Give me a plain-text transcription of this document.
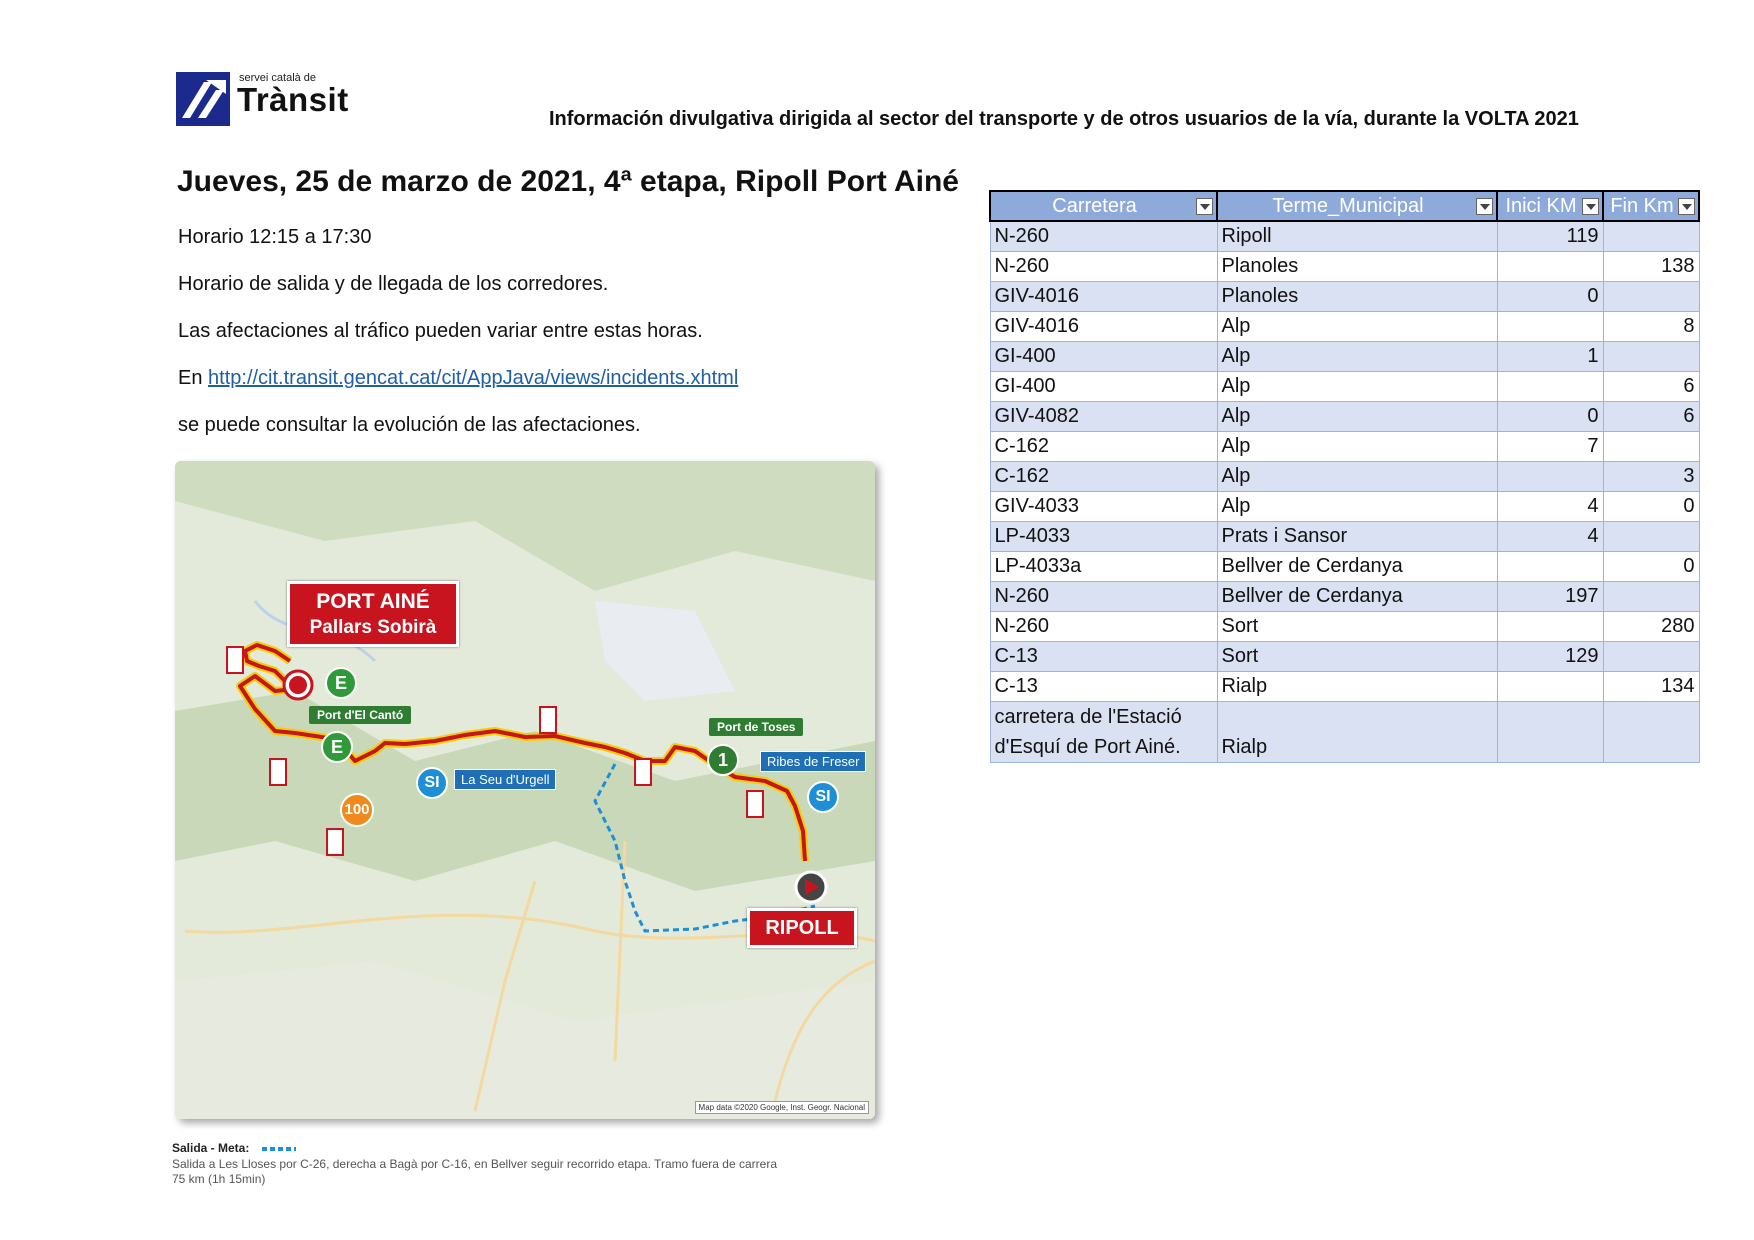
servei català de
Trànsit
Información divulgativa dirigida al sector del transporte y de otros usuarios de la vía, durante la VOLTA 2021
Jueves, 25 de marzo de 2021, 4ª etapa, Ripoll Port Ainé
Horario 12:15 a 17:30
Horario de salida y de llegada de los corredores.
Las afectaciones al tráfico pueden variar entre estas horas.
En http://cit.transit.gencat.cat/cit/AppJava/views/incidents.xhtml
se puede consultar la evolución de las afectaciones.
PORT AINÉ
Pallars Sobirà
RIPOLL
Port d'El Cantó
Port de Toses
La Seu d'Urgell
Ribes de Freser
E
E
SI
SI
1
100
Map data ©2020 Google, Inst. Geogr. Nacional
Salida - Meta:
Salida a Les Lloses por C-26, derecha a Bagà por C-16, en Bellver seguir recorrido etapa. Tramo fuera de carrera
75 km (1h 15min)
Carretera	Terme_Municipal	Inici KM	Fin Km

N-260	Ripoll	119	
N-260	Planoles		138
GIV-4016	Planoles	0	
GIV-4016	Alp		8
GI-400	Alp	1	
GI-400	Alp		6
GIV-4082	Alp	0	6
C-162	Alp	7	
C-162	Alp		3
GIV-4033	Alp	4	0
LP-4033	Prats i Sansor	4	
LP-4033a	Bellver de Cerdanya		0
N-260	Bellver de Cerdanya	197	
N-260	Sort		280
C-13	Sort	129	
C-13	Rialp		134
carretera de l'Estació d'Esquí de Port Ainé.	Rialp		
